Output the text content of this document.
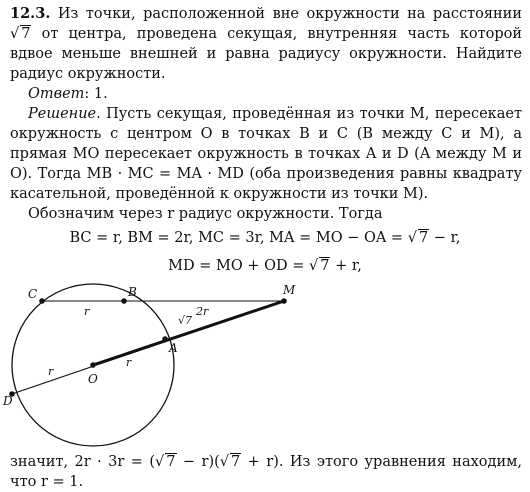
12.3. Из точки, расположенной вне окружности на расстоянии √ 7 от центра, проведена секущая, внутренняя часть которой вдвое меньше внешней и равна радиусу окружности. Найдите радиус окружности.
Ответ: 1.
Решение. Пусть секущая, проведённая из точки M, пересекает окружность с центром O в точках B и C (B между C и M), а прямая MO пересекает окружность в точках A и D (A между M и O). Тогда MB · MC = MA · MD (оба произведения равны квадрату касательной, проведённой к окружности из точки M).
Обозначим через r радиус окружности. Тогда
BC = r, BM = 2r, MC = 3r, MA = MO − OA = √ 7 − r,
MD = MO + OD = √ 7 + r,
C	B	M
A
O
D
r	2r
√7
r
r
значит, 2r · 3r = (√ 7 − r)(√ 7 + r). Из этого уравнения находим, что r = 1.
